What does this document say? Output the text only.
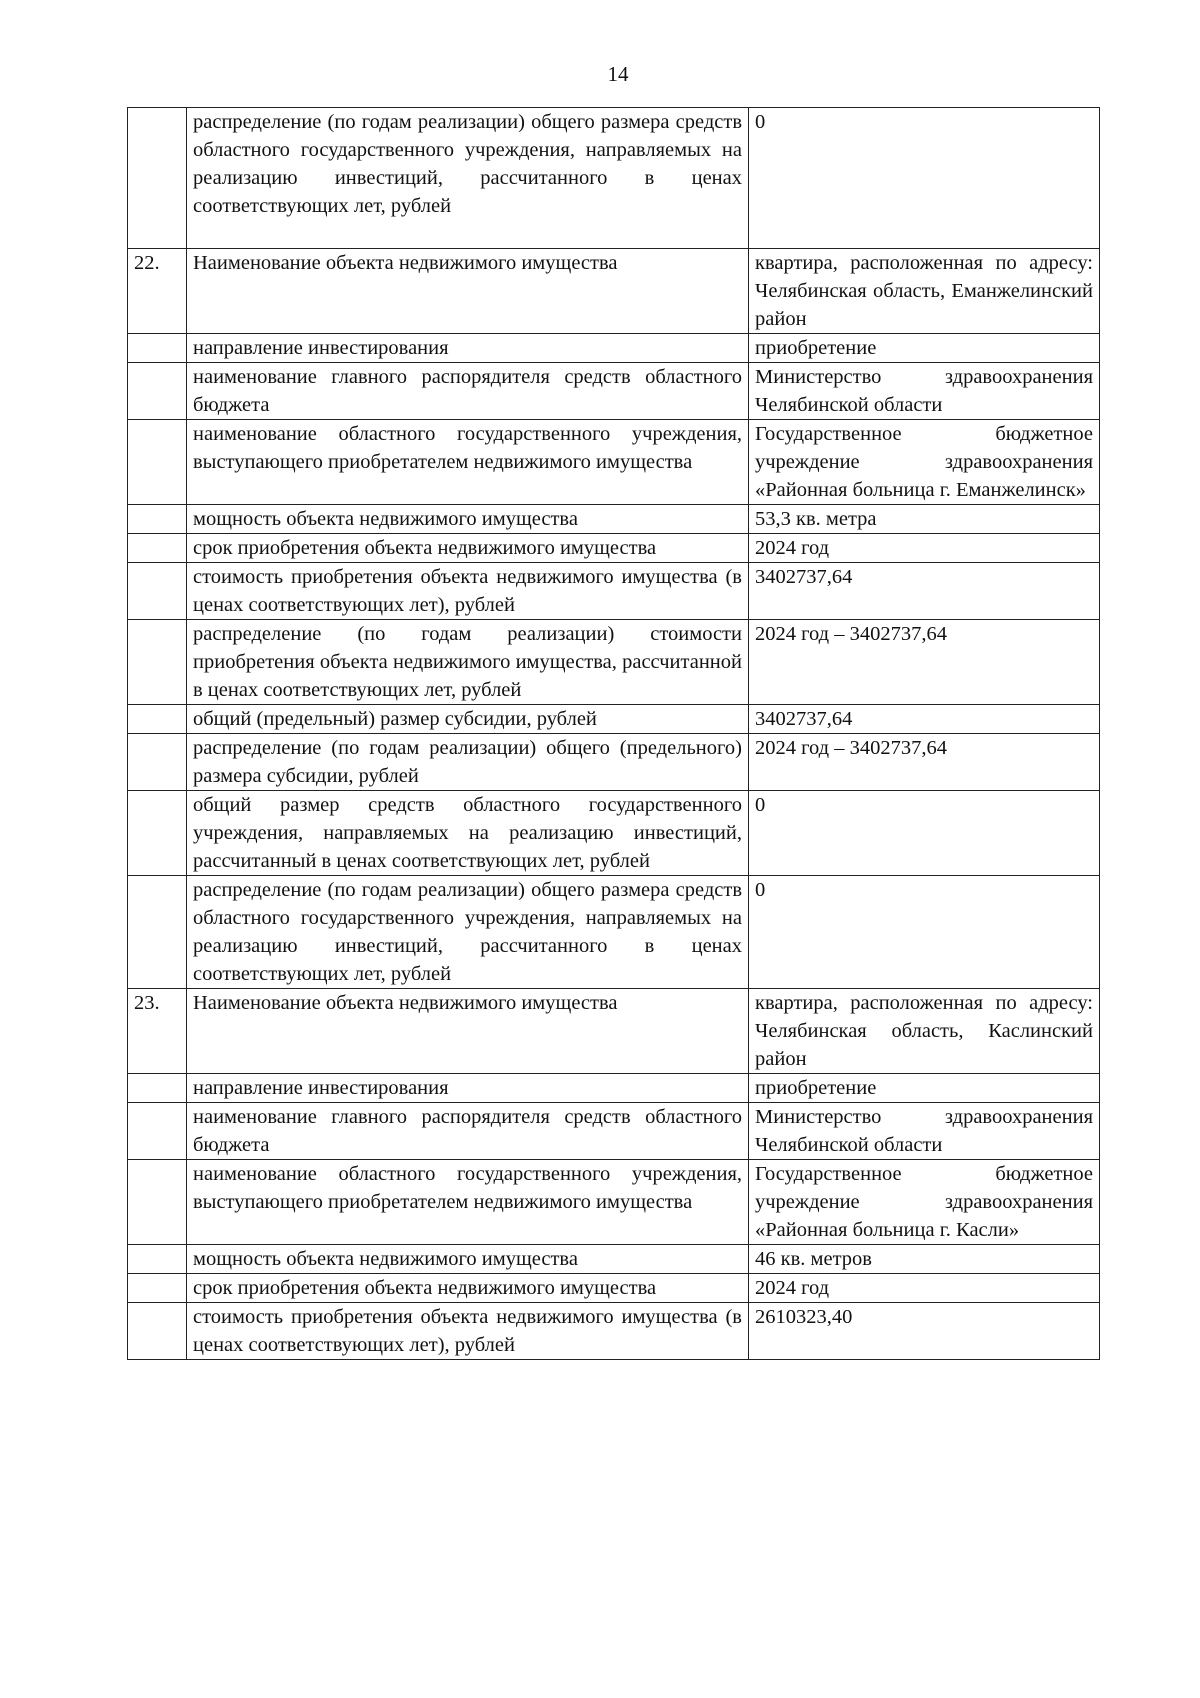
14
	распределение (по годам реализации) общего размера средств областного государственного учреждения, направляемых на реализацию инвестиций, рассчитанного в ценах соответствующих лет, рублей	0
22.	Наименование объекта недвижимого имущества	квартира, расположенная по адресу: Челябинская область, Еманжелинский район
	направление инвестирования	приобретение
	наименование главного распорядителя средств областного бюджета	Министерство здравоохранения Челябинской области
	наименование областного государственного учреждения, выступающего приобретателем недвижимого имущества	Государственное бюджетное учреждение здравоохранения «Районная больница г. Еманжелинск»
	мощность объекта недвижимого имущества	53,3 кв. метра
	срок приобретения объекта недвижимого имущества	2024 год
	стоимость приобретения объекта недвижимого имущества (в ценах соответствующих лет), рублей	3402737,64
	распределение (по годам реализации) стоимости приобретения объекта недвижимого имущества, рассчитанной в ценах соответствующих лет, рублей	2024 год – 3402737,64
	общий (предельный) размер субсидии, рублей	3402737,64
	распределение (по годам реализации) общего (предельного) размера субсидии, рублей	2024 год – 3402737,64
	общий размер средств областного государственного учреждения, направляемых на реализацию инвестиций, рассчитанный в ценах соответствующих лет, рублей	0
	распределение (по годам реализации) общего размера средств областного государственного учреждения, направляемых на реализацию инвестиций, рассчитанного в ценах соответствующих лет, рублей	0
23.	Наименование объекта недвижимого имущества	квартира, расположенная по адресу: Челябинская область, Каслинский район
	направление инвестирования	приобретение
	наименование главного распорядителя средств областного бюджета	Министерство здравоохранения Челябинской области
	наименование областного государственного учреждения, выступающего приобретателем недвижимого имущества	Государственное бюджетное учреждение здравоохранения «Районная больница г. Касли»
	мощность объекта недвижимого имущества	46 кв. метров
	срок приобретения объекта недвижимого имущества	2024 год
	стоимость приобретения объекта недвижимого имущества (в ценах соответствующих лет), рублей	2610323,40
